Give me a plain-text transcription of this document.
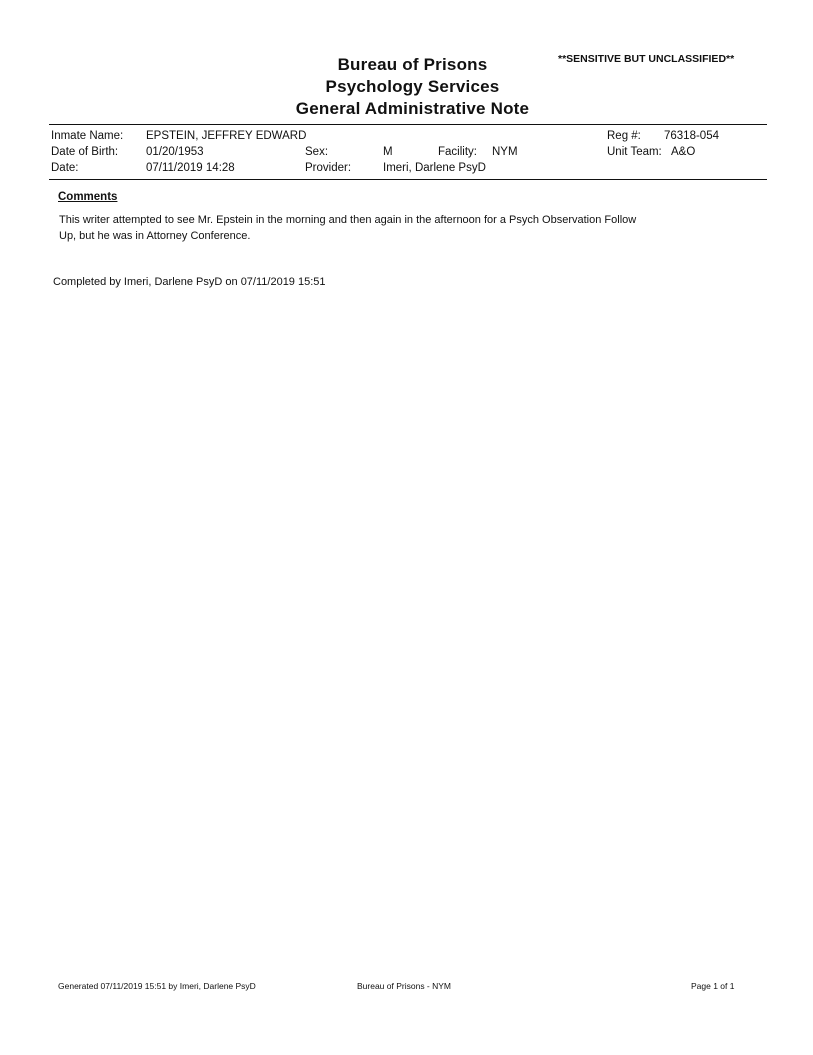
Bureau of Prisons
Psychology Services
General Administrative Note
**SENSITIVE BUT UNCLASSIFIED**
Inmate Name: EPSTEIN, JEFFREY EDWARD	Reg #: 76318-054
Date of Birth: 01/20/1953	Sex:	M	Facility: NYM	Unit Team: A&O
Date:	07/11/2019 14:28	Provider:	Imeri, Darlene PsyD
Comments
This writer attempted to see Mr. Epstein in the morning and then again in the afternoon for a Psych Observation Follow
Up, but he was in Attorney Conference.
Completed by Imeri, Darlene PsyD on 07/11/2019 15:51
Generated 07/11/2019 15:51 by Imeri, Darlene PsyD	Bureau of Prisons - NYM	Page 1 of 1
